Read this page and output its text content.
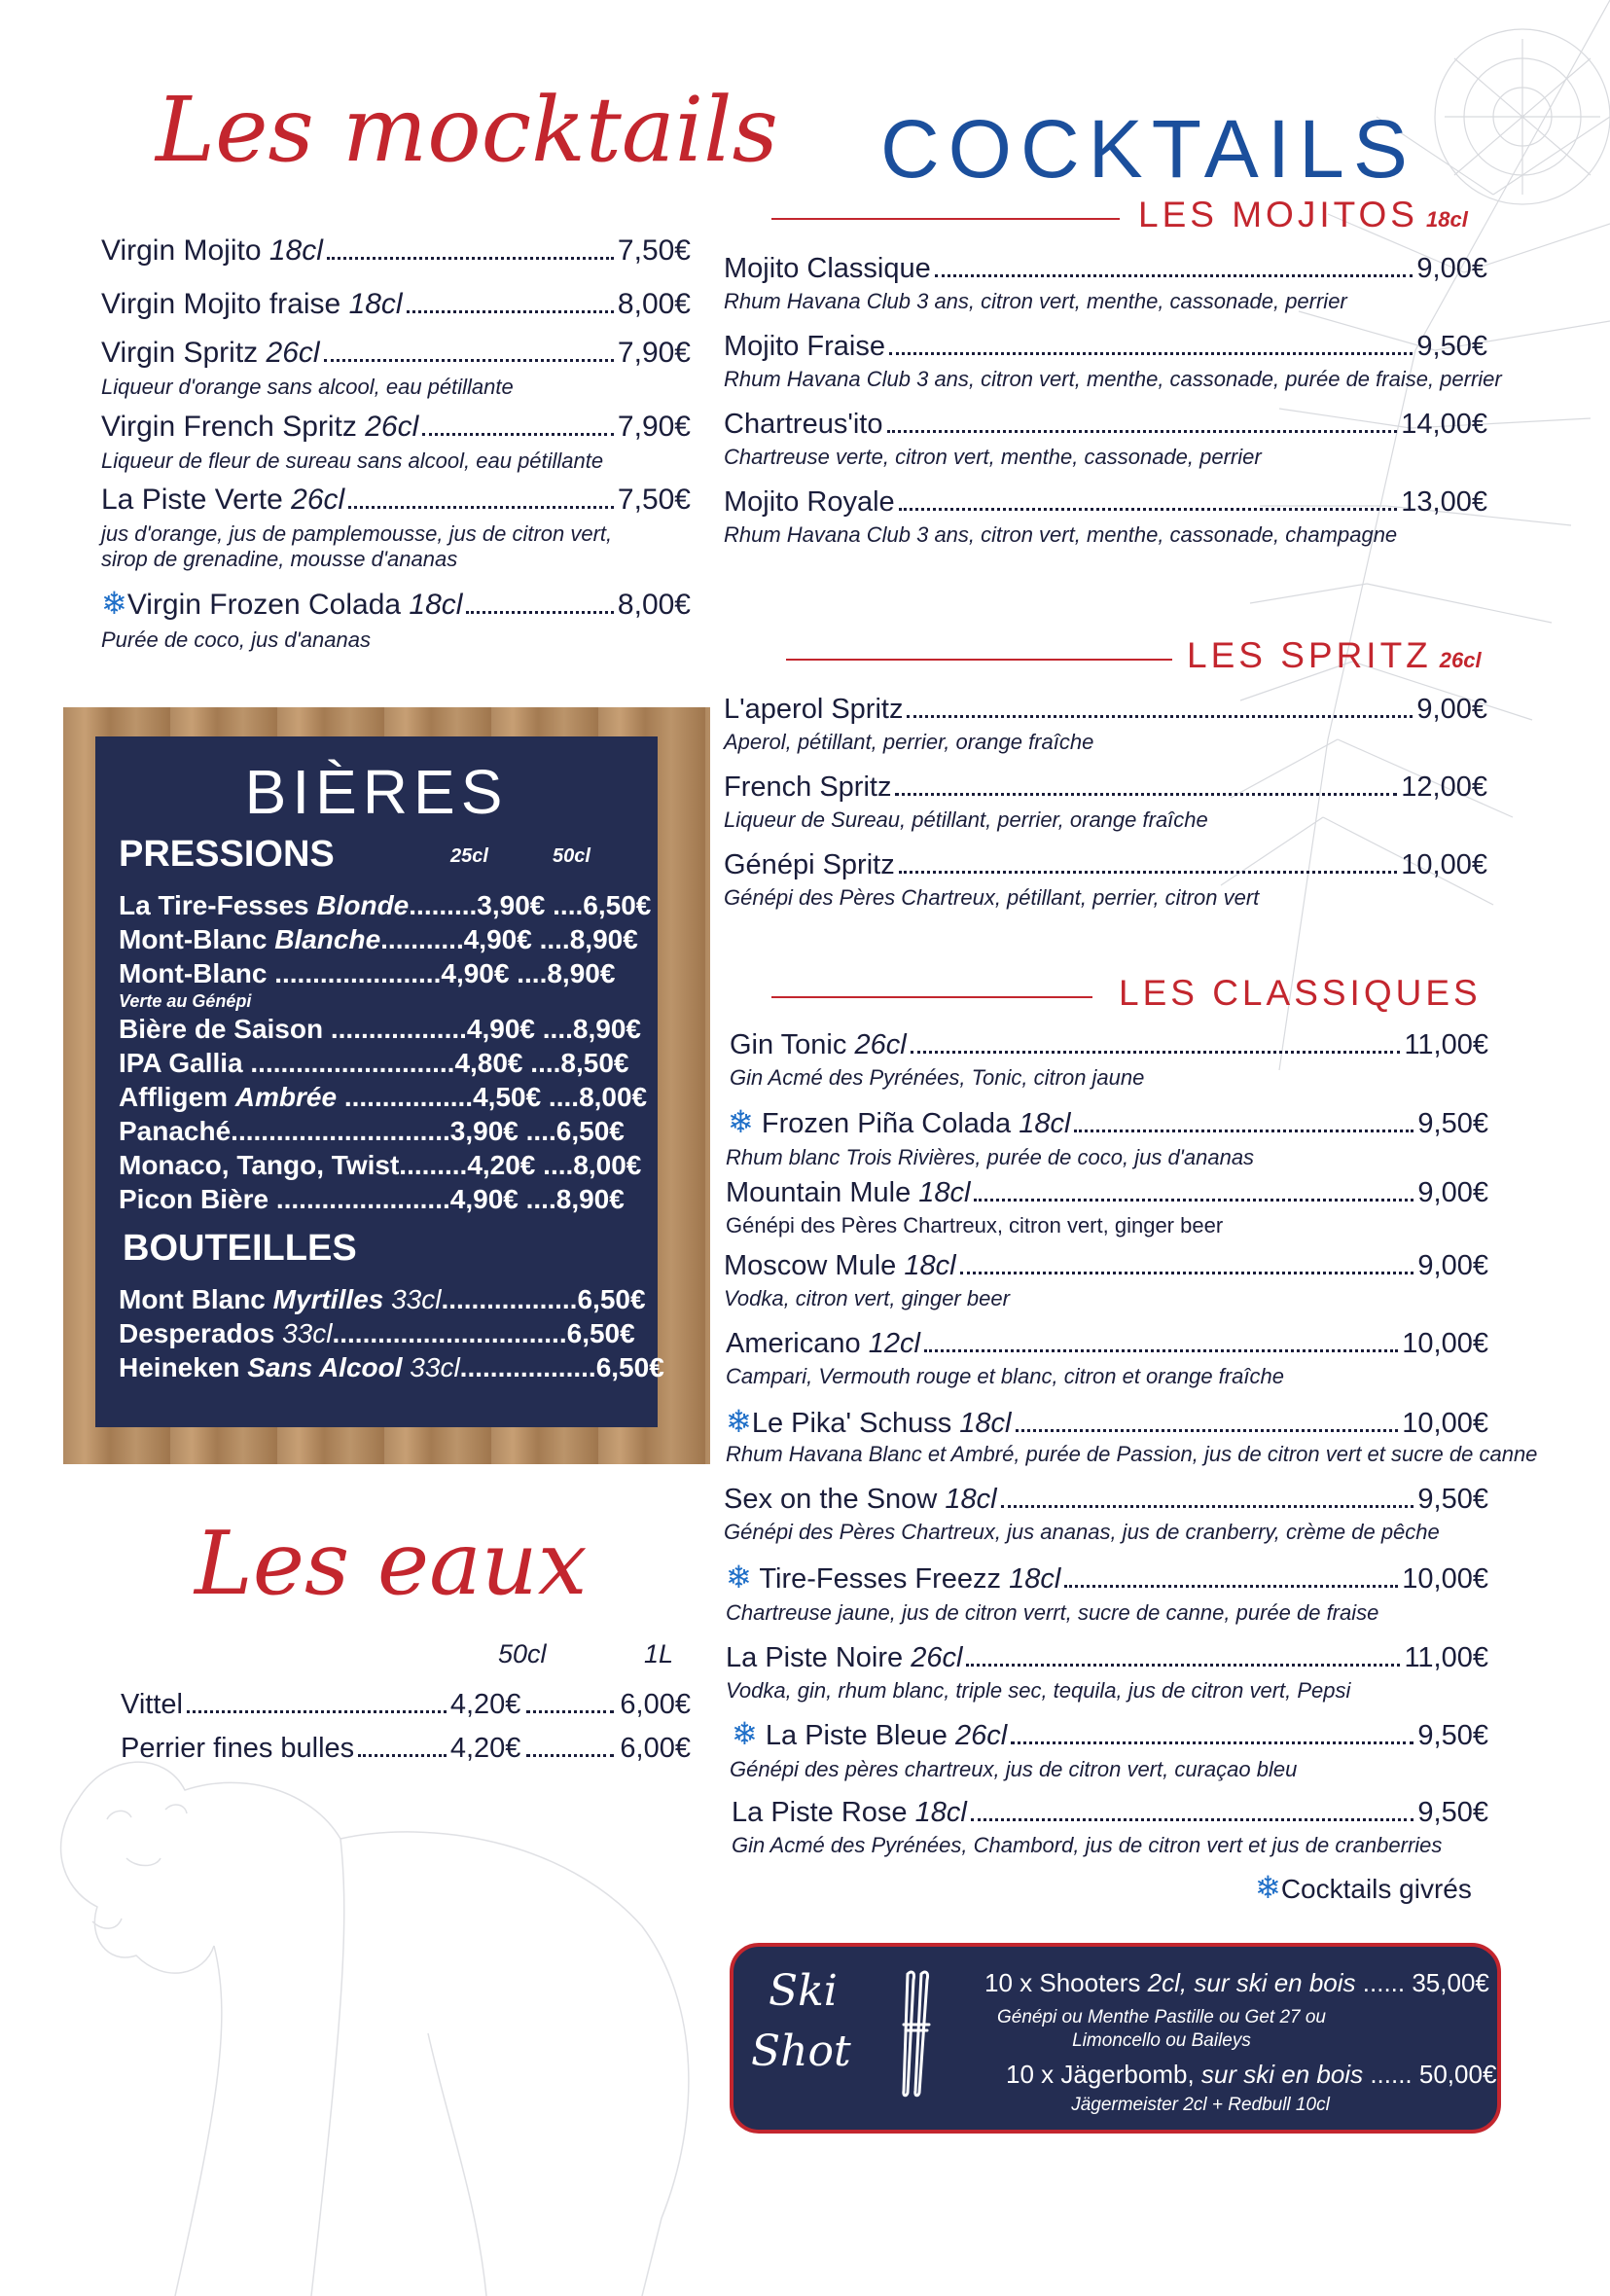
Les mocktails
Virgin Mojito 18cl	7,50€
Virgin Mojito fraise 18cl	8,00€
Virgin Spritz 26cl	7,90€
Liqueur d'orange sans alcool, eau pétillante
Virgin French Spritz 26cl	7,90€
Liqueur de fleur de sureau sans alcool, eau pétillante
La Piste Verte 26cl	7,50€
jus d'orange, jus de pamplemousse, jus de citron vert,
sirop de grenadine, mousse d'ananas
❄Virgin Frozen Colada 18cl	8,00€
Purée de coco, jus d'ananas
BIÈRES
PRESSIONS	25cl	50cl
La Tire-Fesses Blonde.........3,90€ ....6,50€
Mont-Blanc Blanche...........4,90€ ....8,90€
Mont-Blanc ......................4,90€ ....8,90€
Verte au Génépi
Bière de Saison ..................4,90€ ....8,90€
IPA Gallia ...........................4,80€ ....8,50€
Affligem Ambrée .................4,50€ ....8,00€
Panaché.............................3,90€ ....6,50€
Monaco, Tango, Twist.........4,20€ ....8,00€
Picon Bière .......................4,90€ ....8,90€
BOUTEILLES
Mont Blanc Myrtilles 33cl..................6,50€
Desperados 33cl...............................6,50€
Heineken Sans Alcool 33cl..................6,50€
Les eaux
50cl	1L
Vittel	4,20€	6,00€
Perrier fines bulles	4,20€	6,00€
COCKTAILS
LES MOJITOS 18cl
Mojito Classique	9,00€
Rhum Havana Club 3 ans, citron vert, menthe, cassonade, perrier
Mojito Fraise	9,50€
Rhum Havana Club 3 ans, citron vert, menthe, cassonade, purée de fraise, perrier
Chartreus'ito	14,00€
Chartreuse verte, citron vert, menthe, cassonade, perrier
Mojito Royale	13,00€
Rhum Havana Club 3 ans, citron vert, menthe, cassonade, champagne
LES SPRITZ 26cl
L'aperol Spritz	9,00€
Aperol, pétillant, perrier, orange fraîche
French Spritz	12,00€
Liqueur de Sureau, pétillant, perrier, orange fraîche
Génépi Spritz	10,00€
Génépi des Pères Chartreux, pétillant, perrier, citron vert
LES CLASSIQUES
Gin Tonic 26cl	11,00€
Gin Acmé des Pyrénées, Tonic, citron jaune
❄ Frozen Piña Colada 18cl	9,50€
Rhum blanc Trois Rivières, purée de coco, jus d'ananas
Mountain Mule 18cl	9,00€
Génépi des Pères Chartreux, citron vert, ginger beer
Moscow Mule 18cl	9,00€
Vodka, citron vert, ginger beer
Americano 12cl	10,00€
Campari, Vermouth rouge et blanc, citron et orange fraîche
❄Le Pika' Schuss 18cl	10,00€
Rhum Havana Blanc et Ambré, purée de Passion, jus de citron vert et sucre de canne
Sex on the Snow 18cl	9,50€
Génépi des Pères Chartreux, jus ananas, jus de cranberry, crème de pêche
❄ Tire-Fesses Freezz 18cl	10,00€
Chartreuse jaune, jus de citron verrt, sucre de canne, purée de fraise
La Piste Noire 26cl	11,00€
Vodka, gin, rhum blanc, triple sec, tequila, jus de citron vert, Pepsi
❄ La Piste Bleue 26cl	9,50€
Génépi des pères chartreux, jus de citron vert, curaçao bleu
La Piste Rose 18cl	9,50€
Gin Acmé des Pyrénées, Chambord, jus de citron vert et jus de cranberries
❄Cocktails givrés
Ski
Shot
10 x Shooters 2cl, sur ski en bois ...... 35,00€
Génépi ou Menthe Pastille ou Get 27 ou
Limoncello ou Baileys
10 x Jägerbomb, sur ski en bois ...... 50,00€
Jägermeister 2cl + Redbull 10cl
